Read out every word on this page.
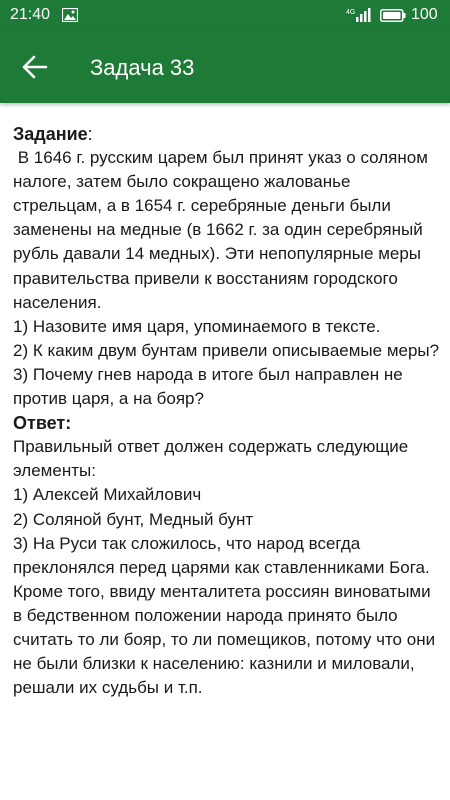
21:40	4G	100
Задача 33
Задание:
В 1646 г. русским царем был принят указ о соляном налоге, затем было сокращено жалованье стрельцам, а в 1654 г. серебряные деньги были заменены на медные (в 1662 г. за один серебряный рубль давали 14 медных). Эти непопулярные меры правительства привели к восстаниям городского населения.
1) Назовите имя царя, упоминаемого в тексте.
2) К каким двум бунтам привели описываемые меры?
3) Почему гнев народа в итоге был направлен не против царя, а на бояр?
Ответ:
Правильный ответ должен содержать следующие элементы:
1) Алексей Михайлович
2) Соляной бунт, Медный бунт
3) На Руси так сложилось, что народ всегда преклонялся перед царями как ставленниками Бога. Кроме того, ввиду менталитета россиян виноватыми в бедственном положении народа принято было считать то ли бояр, то ли помещиков, потому что они не были близки к населению: казнили и миловали, решали их судьбы и т.п.
